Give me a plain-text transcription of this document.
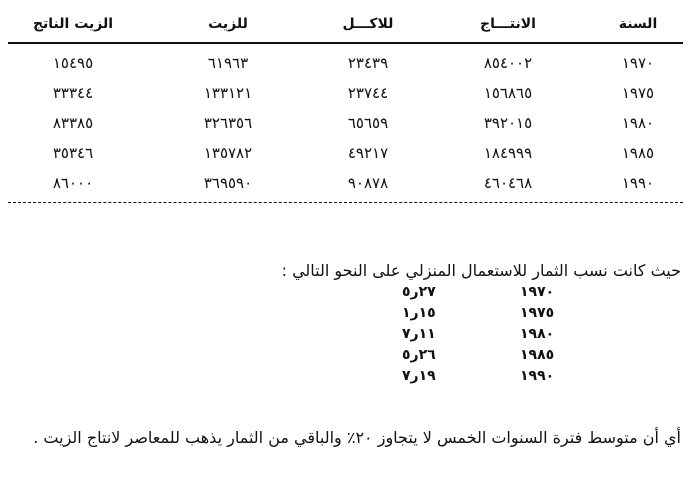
السنة
الانتـــاج
للاكـــل
للزيت
الزيت الناتج
١٩٧٠
٨٥٤٠٠٢
٢٣٤٣٩
٦١٩٦٣
١٥٤٩٥
١٩٧٥
١٥٦٨٦٥
٢٣٧٤٤
١٣٣١٢١
٣٣٣٤٤
١٩٨٠
٣٩٢٠١٥
٦٥٦٥٩
٣٢٦٣٥٦
٨٣٣٨٥
١٩٨٥
١٨٤٩٩٩
٤٩٢١٧
١٣٥٧٨٢
٣٥٣٤٦
١٩٩٠
٤٦٠٤٦٨
٩٠٨٧٨
٣٦٩٥٩٠
٨٦٠٠٠
حيث كانت نسب الثمار للاستعمال المنزلي على النحو التالي :
١٩٧٠
٢٧ر٥
١٩٧٥
١٥ر١
١٩٨٠
١١ر٧
١٩٨٥
٢٦ر٥
١٩٩٠
١٩ر٧
أي أن متوسط فترة السنوات الخمس لا يتجاوز ٢٠٪ والباقي من الثمار يذهب للمعاصر لانتاج الزيت .
